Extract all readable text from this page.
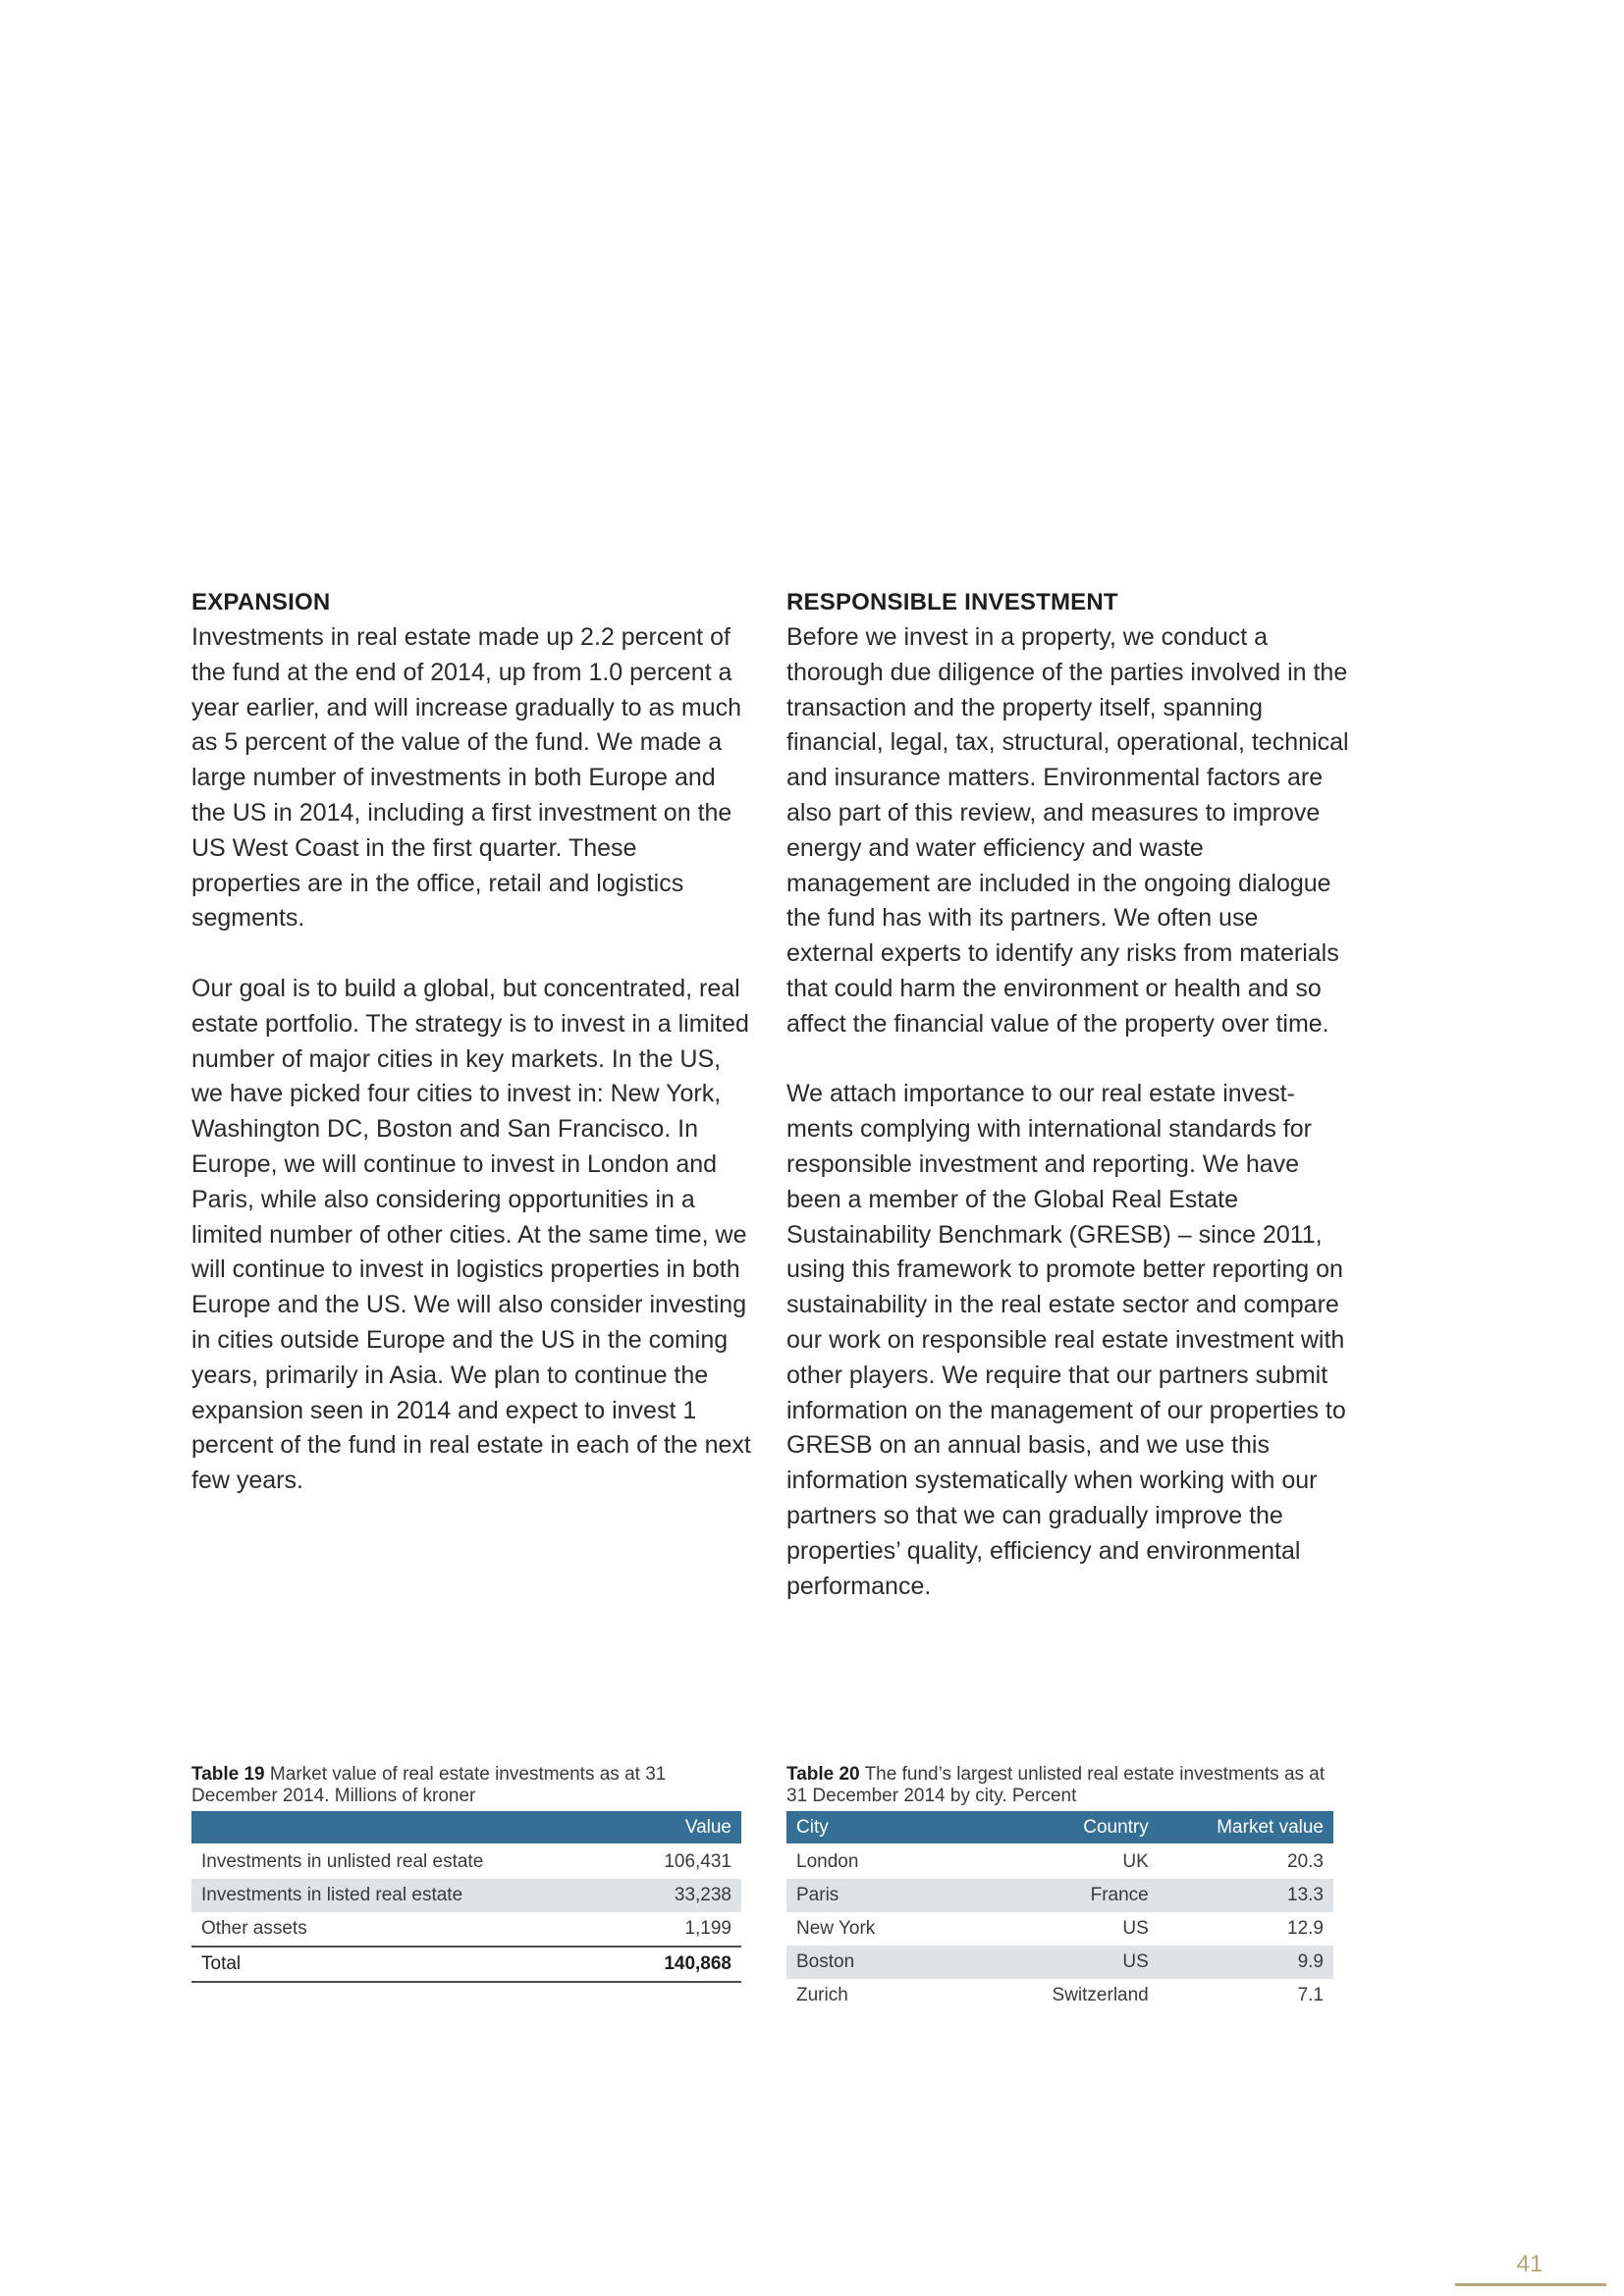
EXPANSION

Investments in real estate made up 2.2 percent of the fund at the end of 2014, up from 1.0 percent a year earlier, and will increase gradually to as much as 5 percent of the value of the fund. We made a large number of investments in both Europe and the US in 2014, including a first investment on the US West Coast in the first quarter. These properties are in the office, retail and logistics segments.

Our goal is to build a global, but concentrated, real estate portfolio. The strategy is to invest in a limited number of major cities in key markets. In the US, we have picked four cities to invest in: New York, Washington DC, Boston and San Francisco. In Europe, we will continue to invest in London and Paris, while also considering opportunities in a limited number of other cities. At the same time, we will continue to invest in logistics properties in both Europe and the US. We will also consider investing in cities outside Europe and the US in the coming years, primarily in Asia. We plan to continue the expansion seen in 2014 and expect to invest 1 percent of the fund in real estate in each of the next few years.

RESPONSIBLE INVESTMENT

Before we invest in a property, we conduct a thorough due diligence of the parties involved in the transaction and the property itself, spanning financial, legal, tax, structural, operational, technical and insurance matters. Environmental factors are also part of this review, and measures to improve energy and water efficiency and waste management are included in the ongoing dialogue the fund has with its partners. We often use external experts to identify any risks from materials that could harm the environment or health and so affect the financial value of the property over time.

We attach importance to our real estate investments complying with international standards for responsible investment and reporting. We have been a member of the Global Real Estate Sustainability Benchmark (GRESB) – since 2011, using this framework to promote better reporting on sustainability in the real estate sector and compare our work on responsible real estate investment with other players. We require that our partners submit information on the management of our properties to GRESB on an annual basis, and we use this information systematically when working with our partners so that we can gradually improve the properties’ quality, efficiency and environmental performance.

Table 19 Market value of real estate investments as at 31 December 2014. Millions of kroner

	Value
Investments in unlisted real estate	106,431
Investments in listed real estate	33,238
Other assets	1,199
Total	140,868

Table 20 The fund’s largest unlisted real estate investments as at 31 December 2014 by city. Percent

City	Country	Market value
London	UK	20.3
Paris	France	13.3
New York	US	12.9
Boston	US	9.9
Zurich	Switzerland	7.1
41
